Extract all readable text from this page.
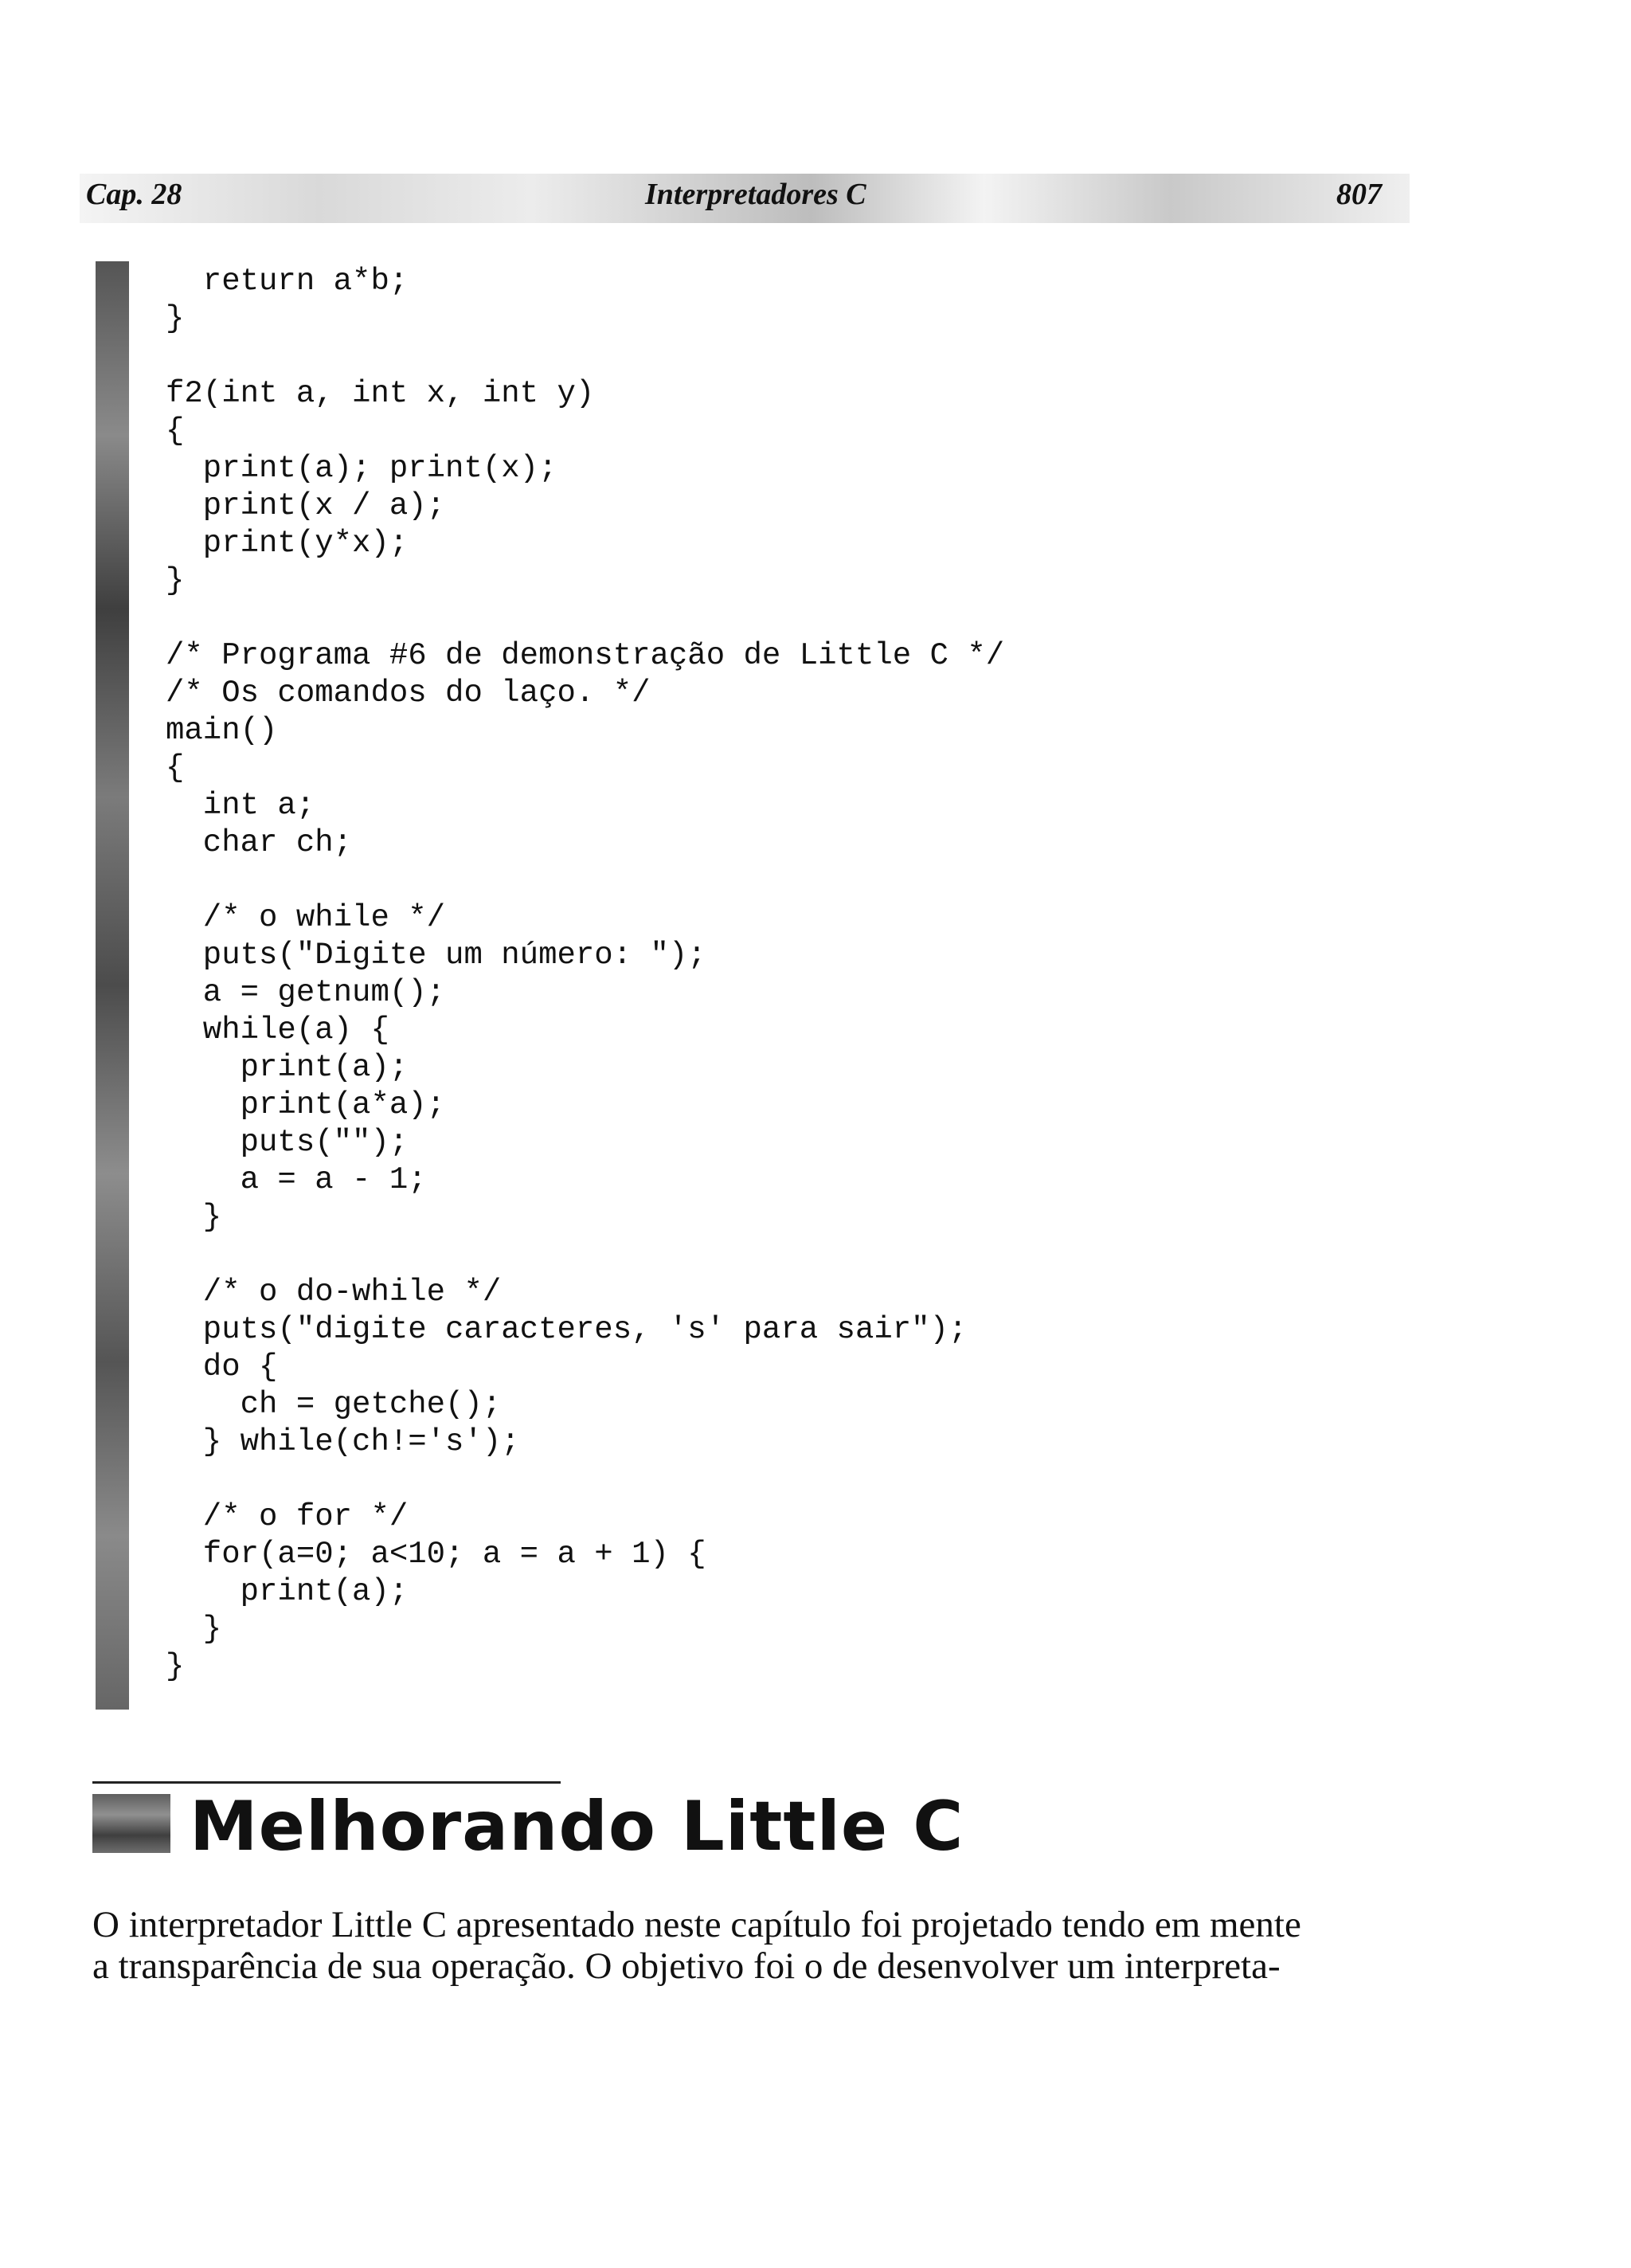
Cap. 28	Interpretadores C	807
return a*b;
}
f2(int a, int x, int y)
{
print(a); print(x);
print(x / a);
print(y*x);
}
/* Programa #6 de demonstração de Little C */
/* Os comandos do laço. */
main()
{
int a;
char ch;
/* o while */
puts("Digite um número: ");
a = getnum();
while(a) {
print(a);
print(a*a);
puts("");
a = a - 1;
}
/* o do-while */
puts("digite caracteres, 's' para sair");
do {
ch = getche();
} while(ch!='s');
/* o for */
for(a=0; a<10; a = a + 1) {
print(a);
}
}
Melhorando Little C
O interpretador Little C apresentado neste capítulo foi projetado tendo em mente
a transparência de sua operação. O objetivo foi o de desenvolver um interpreta-
